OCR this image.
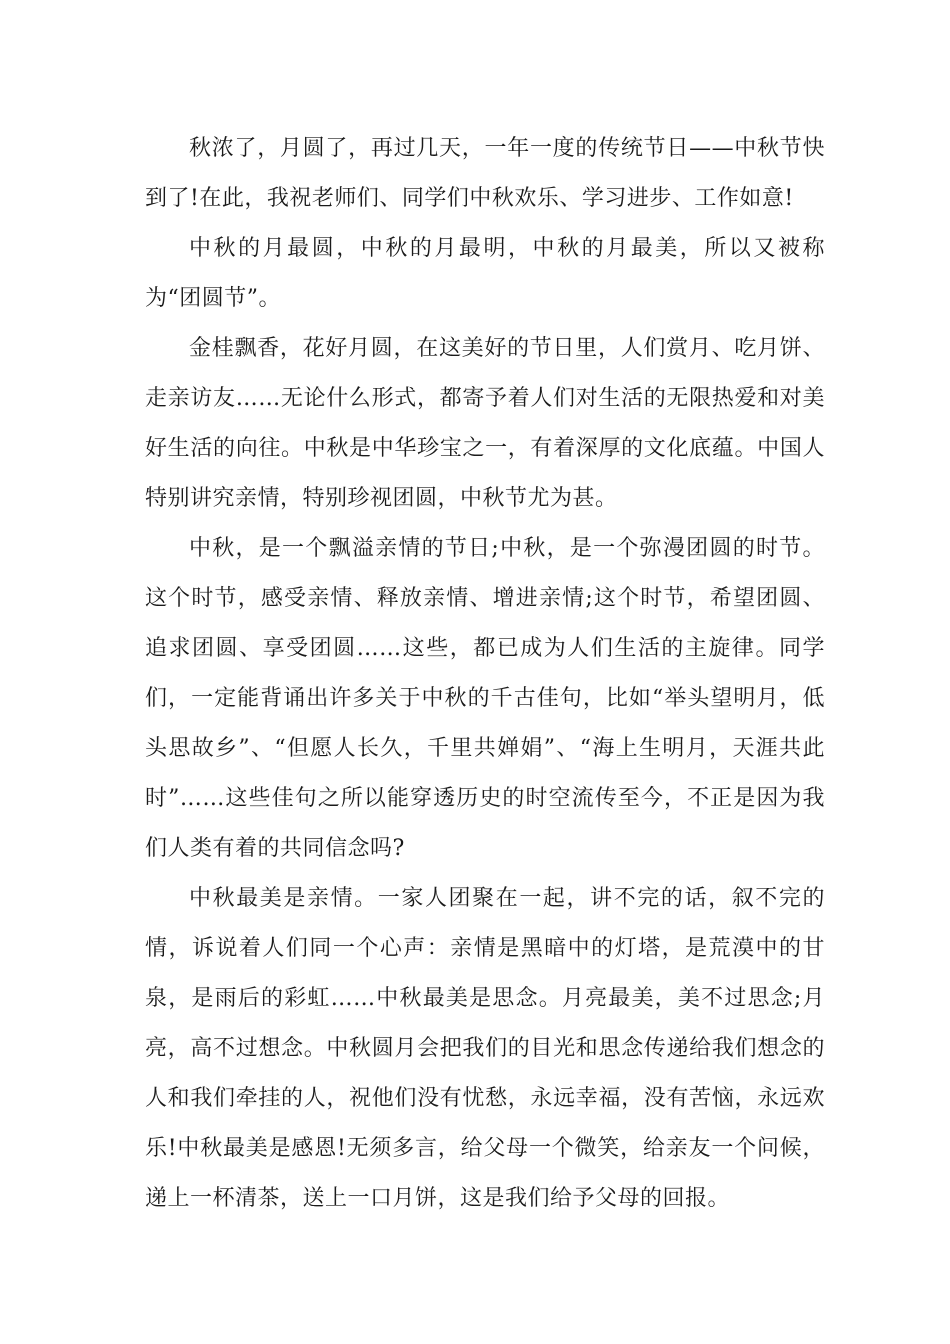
秋浓了，月圆了，再过几天，一年一度的传统节日——中秋节快到了!在此，我祝老师们、同学们中秋欢乐、学习进步、工作如意!

中秋的月最圆，中秋的月最明，中秋的月最美，所以又被称为“团圆节”。

金桂飘香，花好月圆，在这美好的节日里，人们赏月、吃月饼、走亲访友……无论什么形式，都寄予着人们对生活的无限热爱和对美好生活的向往。中秋是中华珍宝之一，有着深厚的文化底蕴。中国人特别讲究亲情，特别珍视团圆，中秋节尤为甚。

中秋，是一个飘溢亲情的节日;中秋，是一个弥漫团圆的时节。这个时节，感受亲情、释放亲情、增进亲情;这个时节，希望团圆、追求团圆、享受团圆……这些，都已成为人们生活的主旋律。同学们，一定能背诵出许多关于中秋的千古佳句，比如“举头望明月，低头思故乡”、“但愿人长久，千里共婵娟”、“海上生明月，天涯共此时”……这些佳句之所以能穿透历史的时空流传至今，不正是因为我们人类有着的共同信念吗?

中秋最美是亲情。一家人团聚在一起，讲不完的话，叙不完的情，诉说着人们同一个心声：亲情是黑暗中的灯塔，是荒漠中的甘泉，是雨后的彩虹……中秋最美是思念。月亮最美，美不过思念;月亮，高不过想念。中秋圆月会把我们的目光和思念传递给我们想念的人和我们牵挂的人，祝他们没有忧愁，永远幸福，没有苦恼，永远欢乐!中秋最美是感恩!无须多言，给父母一个微笑，给亲友一个问候，递上一杯清茶，送上一口月饼，这是我们给予父母的回报。
